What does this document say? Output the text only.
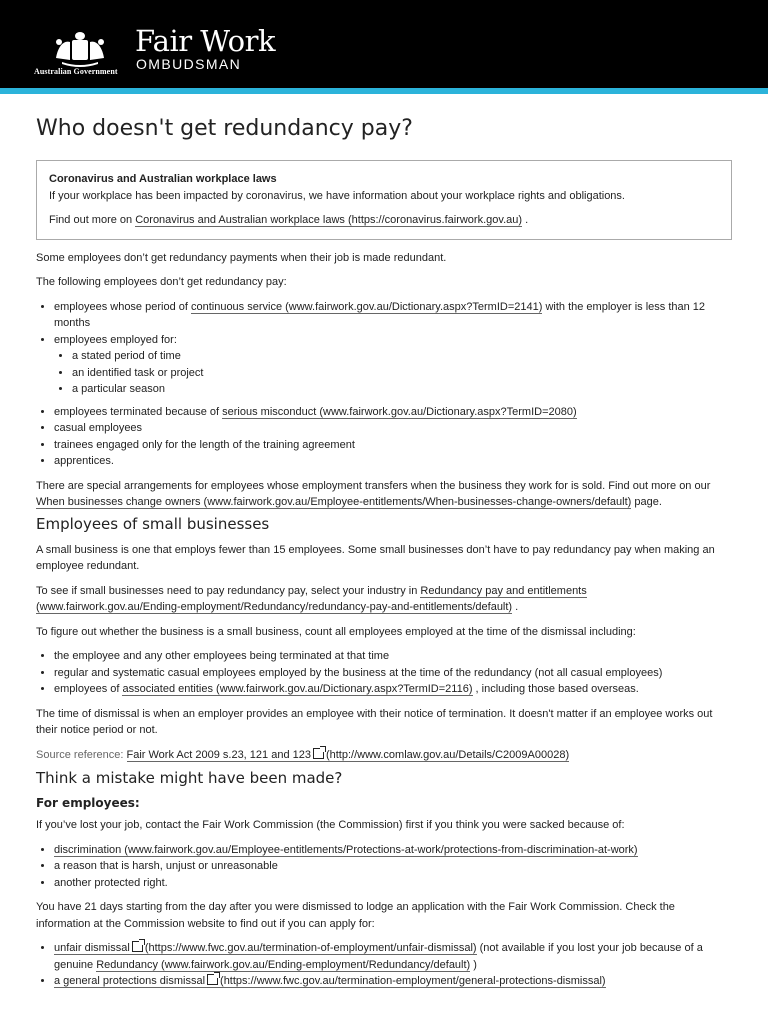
Australian Government
Fair Work
OMBUDSMAN
Who doesn't get redundancy pay?
Coronavirus and Australian workplace laws

If your workplace has been impacted by coronavirus, we have information about your workplace rights and obligations.

Find out more on Coronavirus and Australian workplace laws (https://coronavirus.fairwork.gov.au) .

Some employees don’t get redundancy payments when their job is made redundant.

The following employees don’t get redundancy pay:

• employees whose period of continuous service (www.fairwork.gov.au/Dictionary.aspx?TermID=2141) with the employer is less than 12 months
• employees employed for:
• a stated period of time
• an identified task or project
• a particular season
• employees terminated because of serious misconduct (www.fairwork.gov.au/Dictionary.aspx?TermID=2080)
• casual employees
• trainees engaged only for the length of the training agreement
• apprentices.

There are special arrangements for employees whose employment transfers when the business they work for is sold. Find out more on our When businesses change owners (www.fairwork.gov.au/Employee-entitlements/When-businesses-change-owners/default) page.

Employees of small businesses

A small business is one that employs fewer than 15 employees. Some small businesses don’t have to pay redundancy pay when making an employee redundant.

To see if small businesses need to pay redundancy pay, select your industry in Redundancy pay and entitlements (www.fairwork.gov.au/Ending-employment/Redundancy/redundancy-pay-and-entitlements/default) .

To figure out whether the business is a small business, count all employees employed at the time of the dismissal including:

• the employee and any other employees being terminated at that time
• regular and systematic casual employees employed by the business at the time of the redundancy (not all casual employees)
• employees of associated entities (www.fairwork.gov.au/Dictionary.aspx?TermID=2116) , including those based overseas.

The time of dismissal is when an employer provides an employee with their notice of termination. It doesn't matter if an employee works out their notice period or not.

Source reference: Fair Work Act 2009 s.23, 121 and 123 (http://www.comlaw.gov.au/Details/C2009A00028)

Think a mistake might have been made?
For employees:

If you’ve lost your job, contact the Fair Work Commission (the Commission) first if you think you were sacked because of:

• discrimination (www.fairwork.gov.au/Employee-entitlements/Protections-at-work/protections-from-discrimination-at-work)
• a reason that is harsh, unjust or unreasonable
• another protected right.

You have 21 days starting from the day after you were dismissed to lodge an application with the Fair Work Commission. Check the information at the Commission website to find out if you can apply for:

• unfair dismissal (https://www.fwc.gov.au/termination-of-employment/unfair-dismissal) (not available if you lost your job because of a genuine Redundancy (www.fairwork.gov.au/Ending-employment/Redundancy/default) )
• a general protections dismissal (https://www.fwc.gov.au/termination-employment/general-protections-dismissal)
